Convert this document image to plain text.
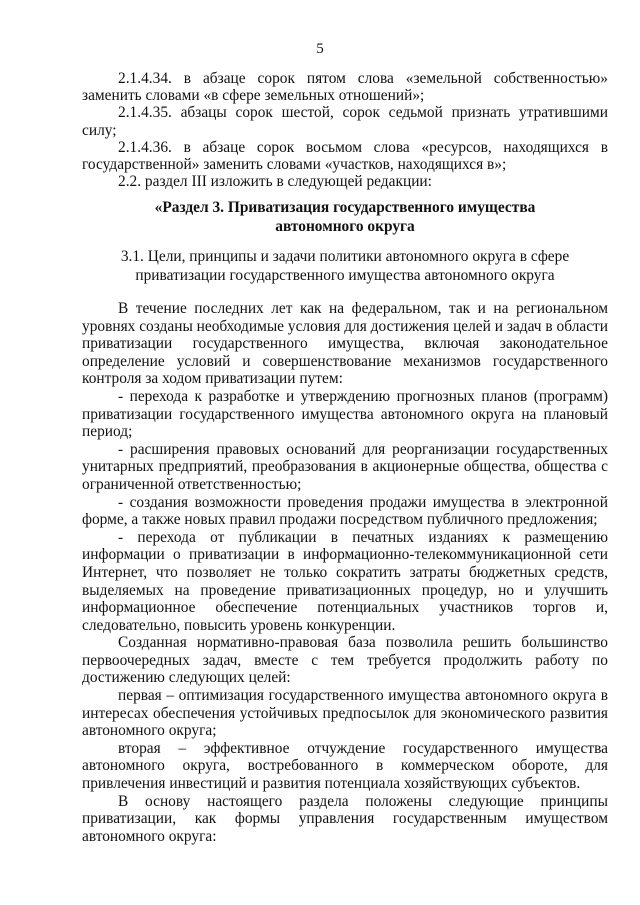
5

2.1.4.34. в абзаце сорок пятом слова «земельной собственностью» заменить словами «в сфере земельных отношений»;

2.1.4.35. абзацы сорок шестой, сорок седьмой признать утратившими силу;

2.1.4.36. в абзаце сорок восьмом слова «ресурсов, находящихся в государственной» заменить словами «участков, находящихся в»;

2.2. раздел III изложить в следующей редакции:

«Раздел 3. Приватизация государственного имущества
автономного округа
3.1. Цели, принципы и задачи политики автономного округа в сфере
приватизации государственного имущества автономного округа

В течение последних лет как на федеральном, так и на региональном уровнях созданы необходимые условия для достижения целей и задач в области приватизации государственного имущества, включая законодательное определение условий и совершенствование механизмов государственного контроля за ходом приватизации путем:

- перехода к разработке и утверждению прогнозных планов (программ) приватизации государственного имущества автономного округа на плановый период;

- расширения правовых оснований для реорганизации государственных унитарных предприятий, преобразования в акционерные общества, общества с ограниченной ответственностью;

- создания возможности проведения продажи имущества в электронной форме, а также новых правил продажи посредством публичного предложения;

- перехода от публикации в печатных изданиях к размещению информации о приватизации в информационно-телекоммуникационной сети Интернет, что позволяет не только сократить затраты бюджетных средств, выделяемых на проведение приватизационных процедур, но и улучшить информационное обеспечение потенциальных участников торгов и, следовательно, повысить уровень конкуренции.

Созданная нормативно-правовая база позволила решить большинство первоочередных задач, вместе с тем требуется продолжить работу по достижению следующих целей:

первая – оптимизация государственного имущества автономного округа в интересах обеспечения устойчивых предпосылок для экономического развития автономного округа;

вторая – эффективное отчуждение государственного имущества автономного округа, востребованного в коммерческом обороте, для привлечения инвестиций и развития потенциала хозяйствующих субъектов.

В основу настоящего раздела положены следующие принципы приватизации, как формы управления государственным имуществом автономного округа:
